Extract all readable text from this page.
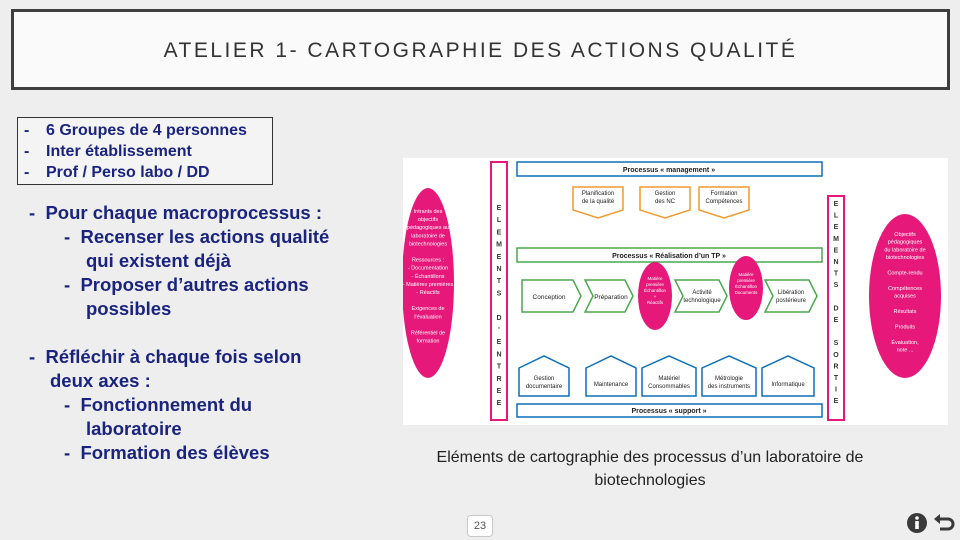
ATELIER 1- CARTOGRAPHIE DES ACTIONS QUALITÉ
- 6 Groupes de 4 personnes
- Inter établissement
- Prof / Perso labo / DD
- Pour chaque macroprocessus :
- Recenser les actions qualité
qui existent déjà
- Proposer d’autres actions
possibles
- Réfléchir à chaque fois selon
deux axes :
- Fonctionnement du
laboratoire
- Formation des élèves
Intrants des
objectifs
pédagogiques au
laboratoire de
biotechnologies
Ressources :
- Documentation
- Échantillons
- Matières premières
- Réactifs
Exigences de
l'évaluation
Référentiel de
formation
E
L
E
M
E
N
T
S
D
'
E
N
T
R
E
E
E
L
E
M
E
N
T
S
D
E
S
O
R
T
I
E
Objectifs
pédagogiques
du laboratoire de
biotechnologies
Compte-rendu
Compétences
acquises
Résultats
Produits
Évaluation,
note ...
Processus « management »
Planification
de la qualité
Gestion
des NC
Formation
Compétences
Processus « Réalisation d’un TP »
Conception	Préparation
Matière
première
Échantillon
+
Réactifs
Activité
technologique
Matière
première
Échantillon
Documents	Libération
postérieure
Gestion
documentaire	Maintenance
Matériel
Consommables
Métrologie
des instruments	Informatique
Processus « support »
Eléments de cartographie des processus d’un laboratoire de
biotechnologies
23
